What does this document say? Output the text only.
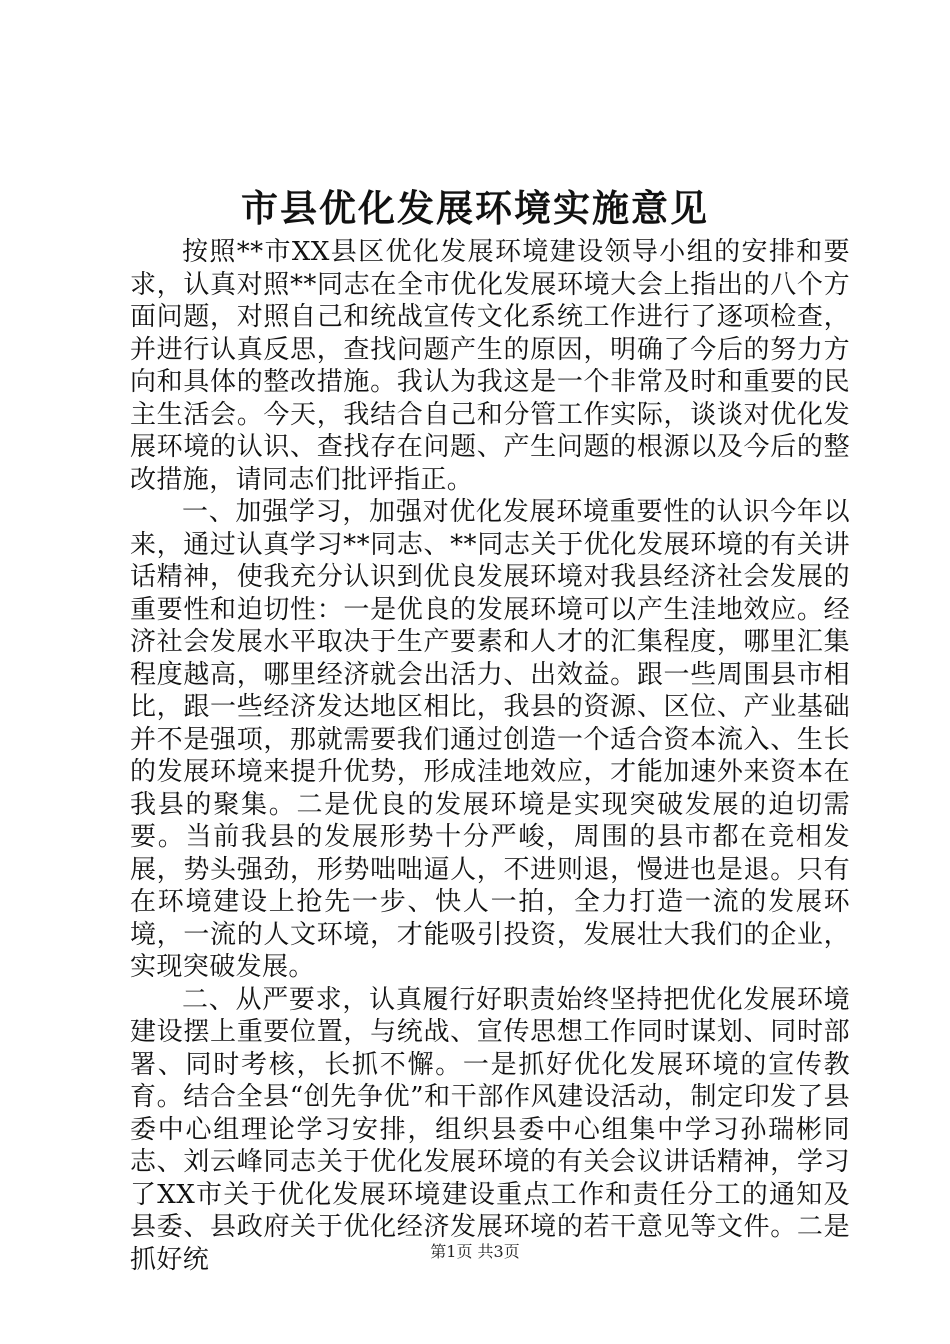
市县优化发展环境实施意见

按照**市XX县区优化发展环境建设领导小组的安排和要求，认真对照**同志在全市优化发展环境大会上指出的八个方面问题，对照自己和统战宣传文化系统工作进行了逐项检查，并进行认真反思，查找问题产生的原因，明确了今后的努力方向和具体的整改措施。我认为我这是一个非常及时和重要的民主生活会。今天，我结合自己和分管工作实际，谈谈对优化发展环境的认识、查找存在问题、产生问题的根源以及今后的整改措施，请同志们批评指正。

一、加强学习，加强对优化发展环境重要性的认识今年以来，通过认真学习**同志、**同志关于优化发展环境的有关讲话精神，使我充分认识到优良发展环境对我县经济社会发展的重要性和迫切性：一是优良的发展环境可以产生洼地效应。经济社会发展水平取决于生产要素和人才的汇集程度，哪里汇集程度越高，哪里经济就会出活力、出效益。跟一些周围县市相比，跟一些经济发达地区相比，我县的资源、区位、产业基础并不是强项，那就需要我们通过创造一个适合资本流入、生长的发展环境来提升优势，形成洼地效应，才能加速外来资本在我县的聚集。二是优良的发展环境是实现突破发展的迫切需要。当前我县的发展形势十分严峻，周围的县市都在竞相发展，势头强劲，形势咄咄逼人，不进则退，慢进也是退。只有在环境建设上抢先一步、快人一拍，全力打造一流的发展环境，一流的人文环境，才能吸引投资，发展壮大我们的企业，实现突破发展。

二、从严要求，认真履行好职责始终坚持把优化发展环境建设摆上重要位置，与统战、宣传思想工作同时谋划、同时部署、同时考核，长抓不懈。一是抓好优化发展环境的宣传教育。结合全县“创先争优”和干部作风建设活动，制定印发了县委中心组理论学习安排，组织县委中心组集中学习孙瑞彬同志、刘云峰同志关于优化发展环境的有关会议讲话精神，学习了XX市关于优化发展环境建设重点工作和责任分工的通知及县委、县政府关于优化经济发展环境的若干意见等文件。二是抓好统	第1页 共3页
